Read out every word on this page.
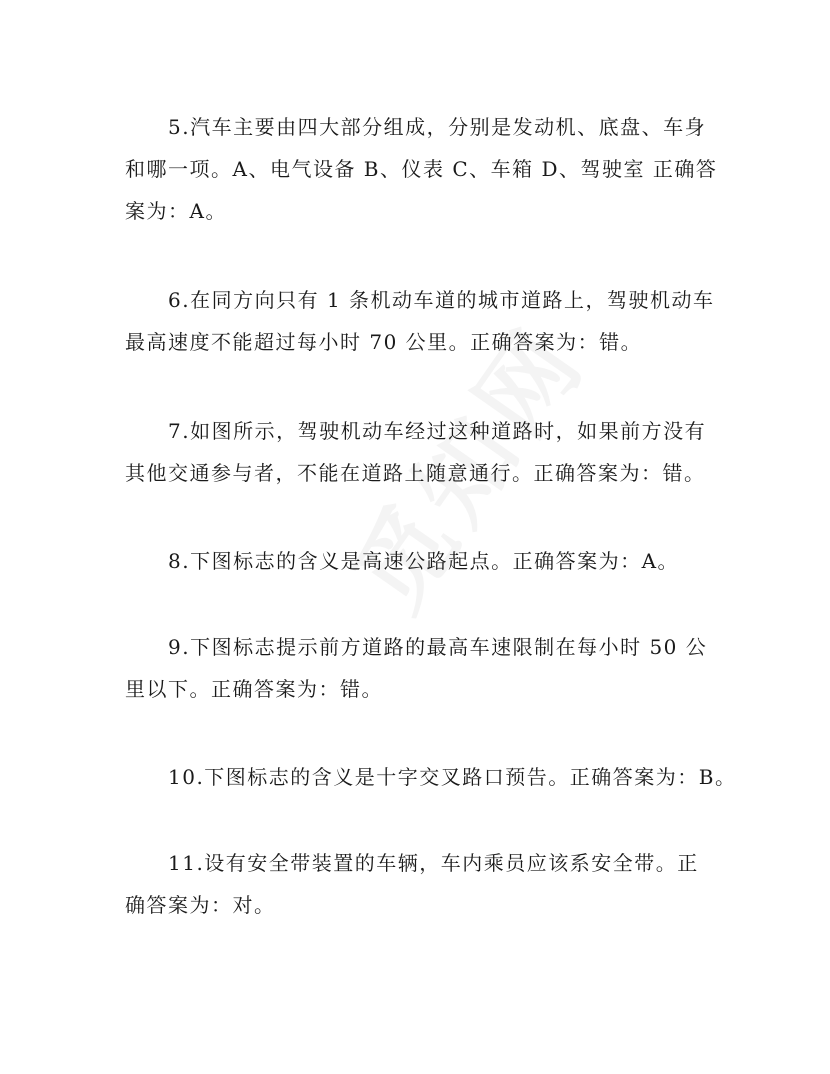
5.汽车主要由四大部分组成，分别是发动机、底盘、车身
和哪一项。A、电气设备 B、仪表 C、车箱 D、驾驶室 正确答
案为：A。
6.在同方向只有 1 条机动车道的城市道路上，驾驶机动车
最高速度不能超过每小时 70 公里。正确答案为：错。
7.如图所示，驾驶机动车经过这种道路时，如果前方没有
其他交通参与者，不能在道路上随意通行。正确答案为：错。
8.下图标志的含义是高速公路起点。正确答案为：A。
9.下图标志提示前方道路的最高车速限制在每小时 50 公
里以下。正确答案为：错。
10.下图标志的含义是十字交叉路口预告。正确答案为：B。
11.设有安全带装置的车辆，车内乘员应该系安全带。正
确答案为：对。
